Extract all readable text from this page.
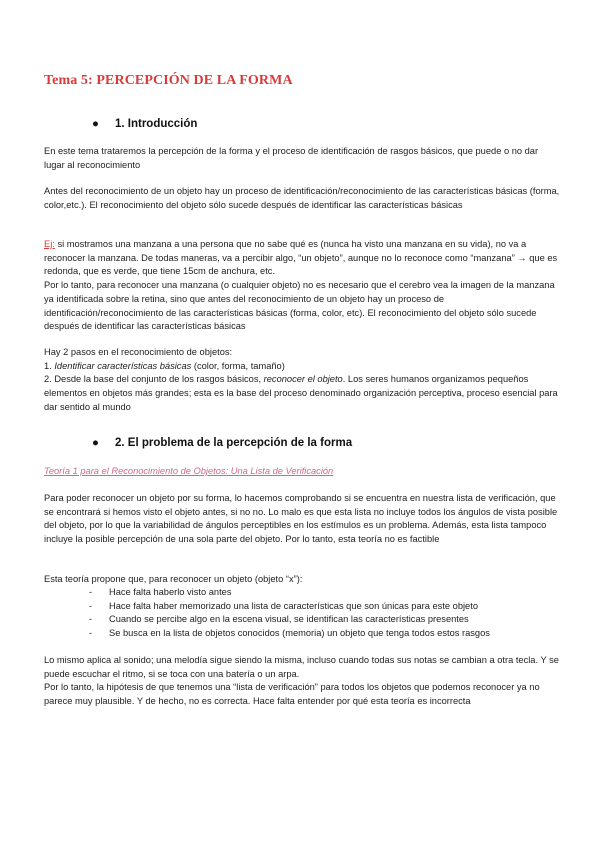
Tema 5: PERCEPCIÓN DE LA FORMA
● 1. Introducción

En este tema trataremos la percepción de la forma y el proceso de identificación de rasgos básicos, que puede o no dar lugar al reconocimiento

Antes del reconocimiento de un objeto hay un proceso de identificación/reconocimiento de las características básicas (forma, color,etc.). El reconocimiento del objeto sólo sucede después de identificar las características básicas

Ej: si mostramos una manzana a una persona que no sabe qué es (nunca ha visto una manzana en su vida), no va a reconocer la manzana. De todas maneras, va a percibir algo, “un objeto”, aunque no lo reconoce como “manzana” → que es redonda, que es verde, que tiene 15cm de anchura, etc.
Por lo tanto, para reconocer una manzana (o cualquier objeto) no es necesario que el cerebro vea la imagen de la manzana ya identificada sobre la retina, sino que antes del reconocimiento de un objeto hay un proceso de identificación/reconocimiento de las características básicas (forma, color, etc). El reconocimiento del objeto sólo sucede después de identificar las características básicas

Hay 2 pasos en el reconocimiento de objetos:
1. Identificar características básicas (color, forma, tamaño)
2. Desde la base del conjunto de los rasgos básicos, reconocer el objeto. Los seres humanos organizamos pequeños elementos en objetos más grandes; esta es la base del proceso denominado organización perceptiva, proceso esencial para dar sentido al mundo

● 2. El problema de la percepción de la forma

Teoría 1 para el Reconocimiento de Objetos: Una Lista de Verificación

Para poder reconocer un objeto por su forma, lo hacemos comprobando si se encuentra en nuestra lista de verificación, que se encontrará si hemos visto el objeto antes, si no no. Lo malo es que esta lista no incluye todos los ángulos de vista posible del objeto, por lo que la variabilidad de ángulos perceptibles en los estímulos es un problema. Además, esta lista tampoco incluye la posible percepción de una sola parte del objeto. Por lo tanto, esta teoría no es factible

Esta teoría propone que, para reconocer un objeto (objeto “x”):

- Hace falta haberlo visto antes
- Hace falta haber memorizado una lista de características que son únicas para este objeto
- Cuando se percibe algo en la escena visual, se identifican las características presentes
- Se busca en la lista de objetos conocidos (memoria) un objeto que tenga todos estos rasgos

Lo mismo aplica al sonido; una melodía sigue siendo la misma, incluso cuando todas sus notas se cambian a otra tecla. Y se puede escuchar el ritmo, si se toca con una batería o un arpa.
Por lo tanto, la hipótesis de que tenemos una “lista de verificación” para todos los objetos que podemos reconocer ya no parece muy plausible. Y de hecho, no es correcta. Hace falta entender por qué esta teoría es incorrecta
